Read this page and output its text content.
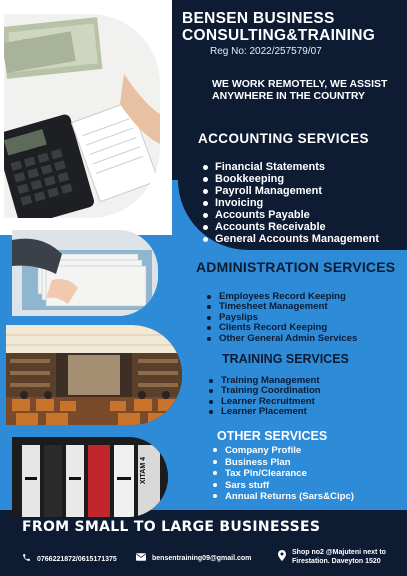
XITAM 4
BENSEN BUSINESS CONSULTING&TRAINING
Reg No: 2022/257579/07
WE WORK REMOTELY, WE ASSIST ANYWHERE IN THE COUNTRY
ACCOUNTING SERVICES
Financial Statements
Bookkeeping
Payroll Management
Invoicing
Accounts Payable
Accounts Receivable
General Accounts Management
ADMINISTRATION SERVICES
Employees Record Keeping
Timesheet Management
Payslips
Clients Record Keeping
Other General Admin Services
TRAINING SERVICES
Training Management
Training Coordination
Learner Recruitment
Learner Placement
OTHER SERVICES
Company Profile
Business Plan
Tax Pin/Clearance
Sars stuff
Annual Returns (Sars&Cipc)
FROM SMALL TO LARGE BUSINESSES
0766221872/0615171375	bensentraining09@gmail.com
Shop no2 @Majuteni next to
Firestation. Daveyton 1520
